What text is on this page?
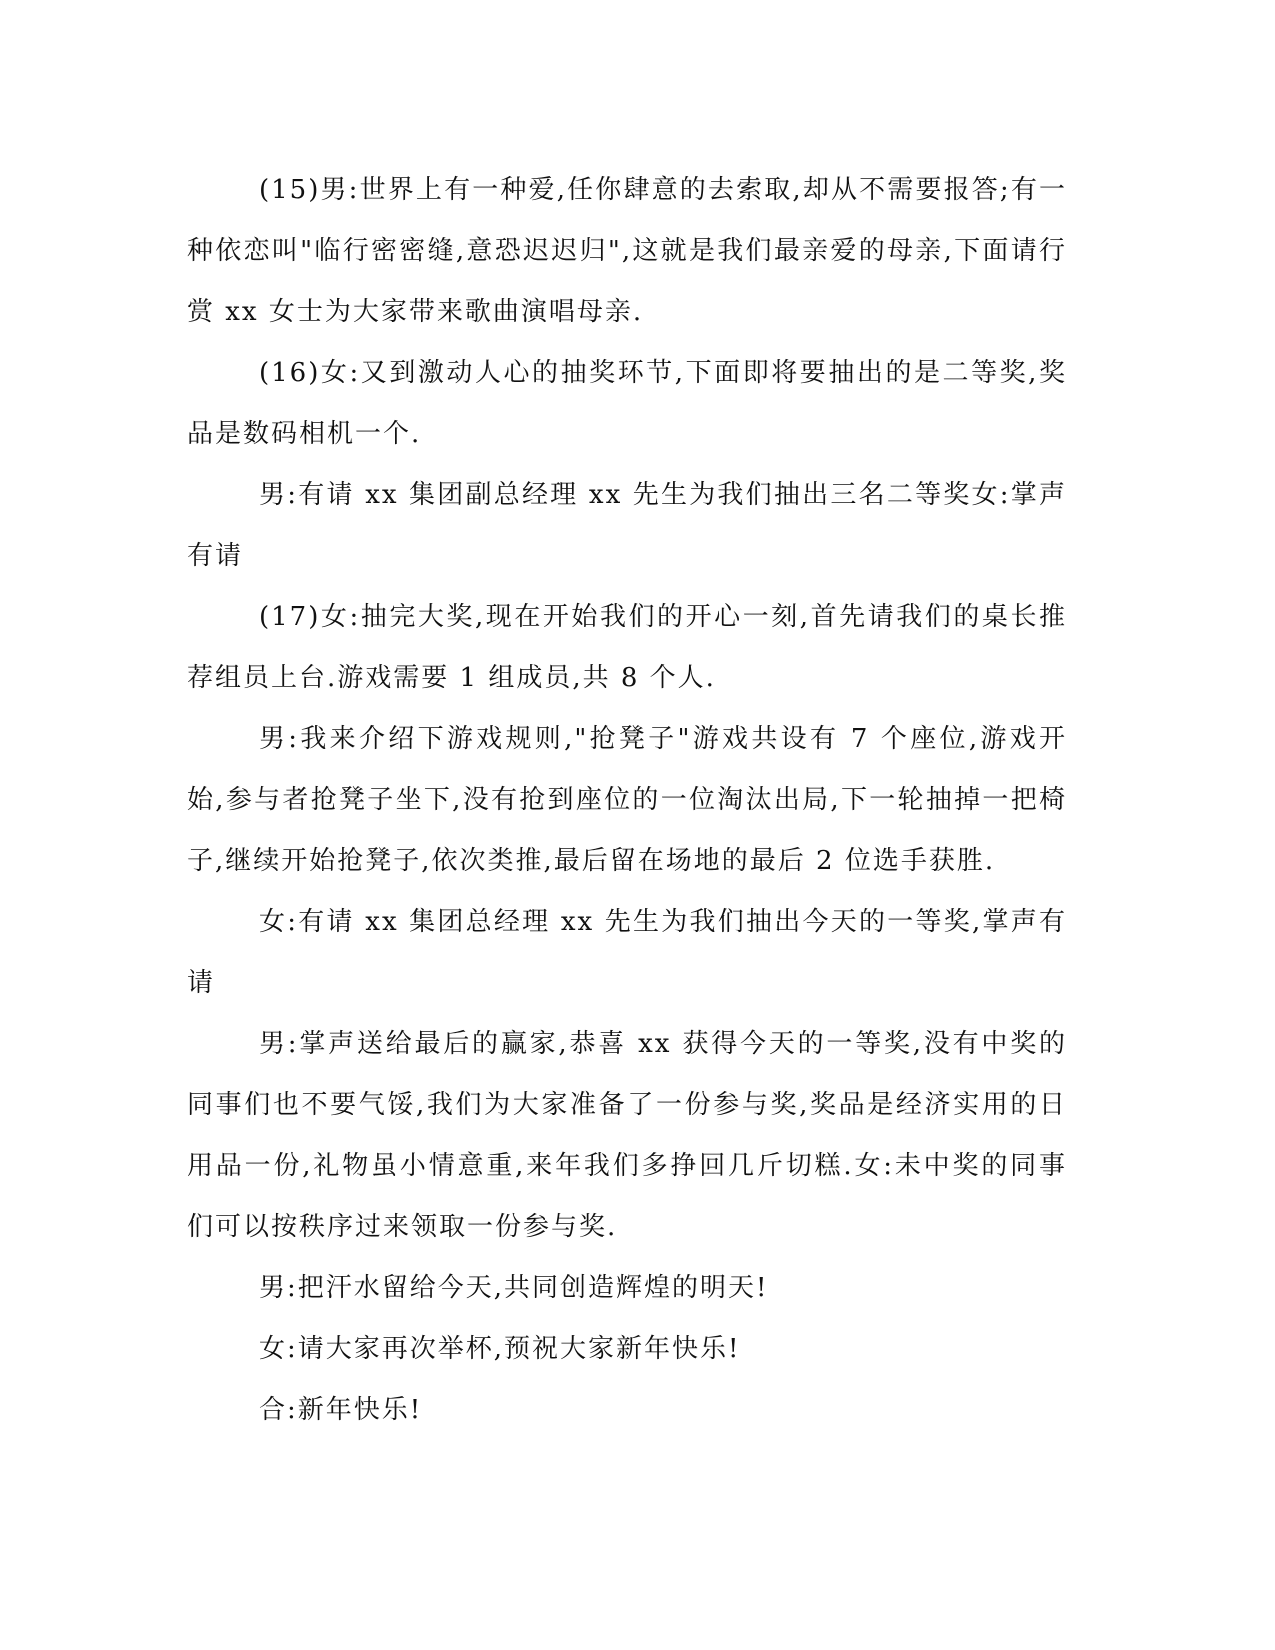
(15)男:世界上有一种爱,任你肆意的去索取,却从不需要报答;有一种依恋叫"临行密密缝,意恐迟迟归",这就是我们最亲爱的母亲,下面请行赏 xx 女士为大家带来歌曲演唱母亲.

(16)女:又到激动人心的抽奖环节,下面即将要抽出的是二等奖,奖品是数码相机一个.

男:有请 xx 集团副总经理 xx 先生为我们抽出三名二等奖女:掌声有请

(17)女:抽完大奖,现在开始我们的开心一刻,首先请我们的桌长推荐组员上台.游戏需要 1 组成员,共 8 个人.

男:我来介绍下游戏规则,"抢凳子"游戏共设有 7 个座位,游戏开始,参与者抢凳子坐下,没有抢到座位的一位淘汰出局,下一轮抽掉一把椅子,继续开始抢凳子,依次类推,最后留在场地的最后 2 位选手获胜.

女:有请 xx 集团总经理 xx 先生为我们抽出今天的一等奖,掌声有请

男:掌声送给最后的赢家,恭喜 xx 获得今天的一等奖,没有中奖的同事们也不要气馁,我们为大家准备了一份参与奖,奖品是经济实用的日用品一份,礼物虽小情意重,来年我们多挣回几斤切糕.女:未中奖的同事们可以按秩序过来领取一份参与奖.

男:把汗水留给今天,共同创造辉煌的明天!

女:请大家再次举杯,预祝大家新年快乐!

合:新年快乐!
